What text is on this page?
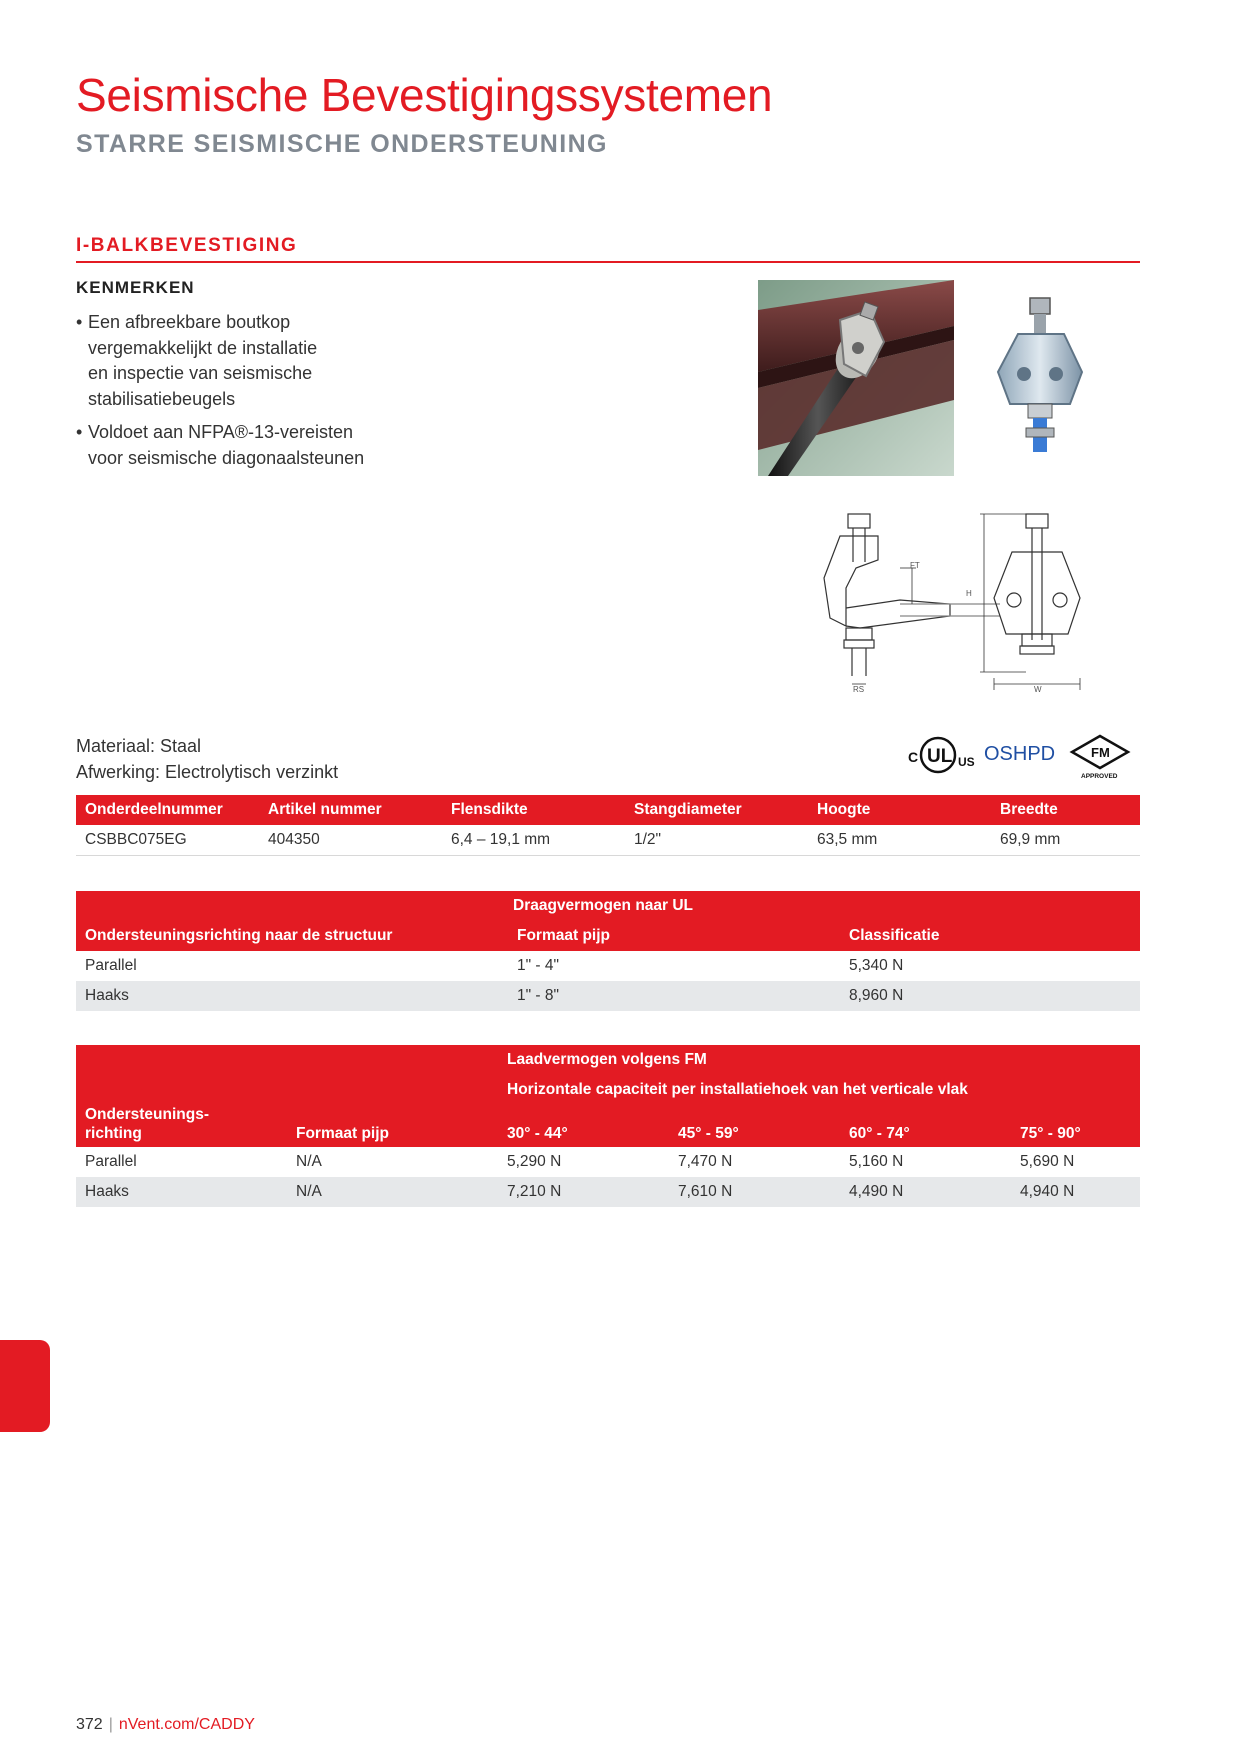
Seismische Bevestigingssystemen
STARRE SEISMISCHE ONDERSTEUNING
I-BALKBEVESTIGING
KENMERKEN
• Een afbreekbare boutkop
vergemakkelijkt de installatie
en inspectie van seismische
stabilisatiebeugels
• Voldoet aan NFPA®-13-vereisten
voor seismische diagonaalsteunen
FT
RS
H
W
Materiaal: Staal
Afwerking: Electrolytisch verzinkt
C UL US OSHPD	FM
APPROVED
Onderdeelnummer	Artikel nummer	Flensdikte	Stangdiameter	Hoogte	Breedte
CSBBC075EG	404350	6,4 – 19,1 mm	1/2"	63,5 mm	69,9 mm
	Draagvermogen naar UL	
Ondersteuningsrichting naar de structuur	Formaat pijp	Classificatie
Parallel	1" - 4"	5,340 N
Haaks	1" - 8"	8,960 N
		Laadvermogen volgens FM			
		Horizontale capaciteit per installatiehoek van het verticale vlak			
Ondersteunings-
richting	Formaat pijp	30° - 44°	45° - 59°	60° - 74°	75° - 90°
Parallel	N/A	5,290 N	7,470 N	5,160 N	5,690 N
Haaks	N/A	7,210 N	7,610 N	4,490 N	4,940 N
372 | nVent.com/CADDY
